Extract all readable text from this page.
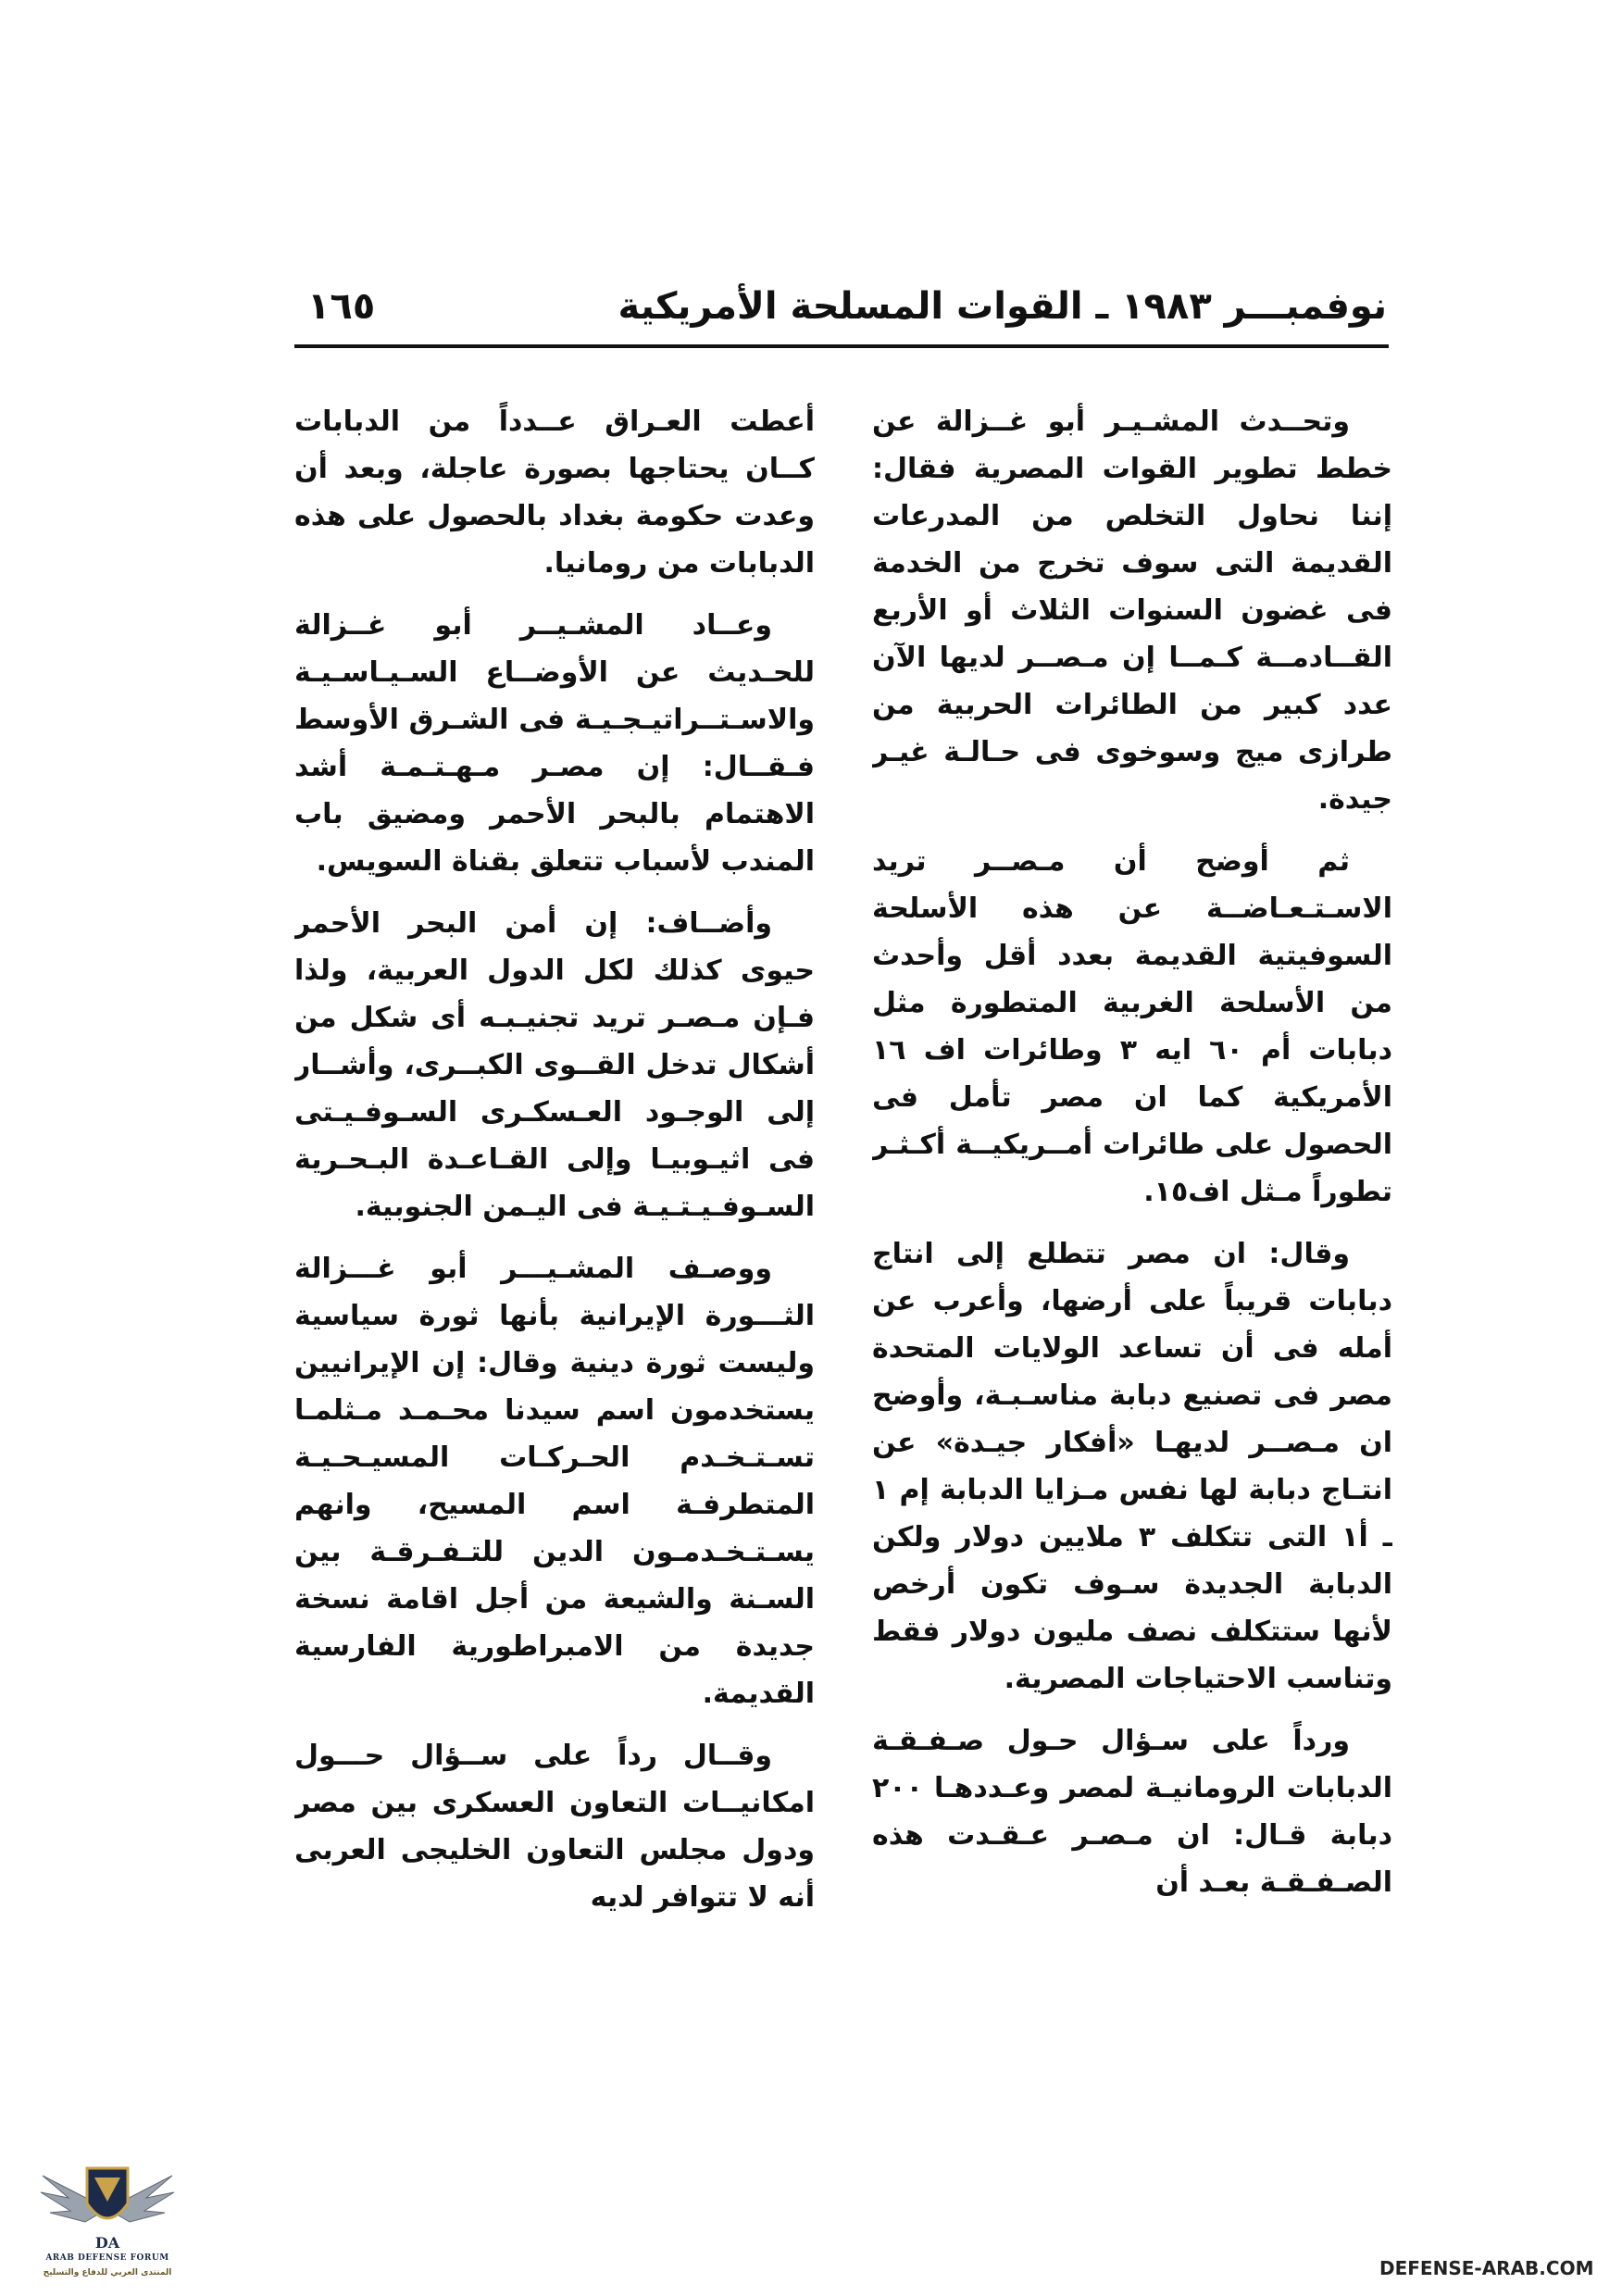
نوفمبـــر ١٩٨٣ ـ القوات المسلحة الأمريكية
١٦٥

وتحــدث المشـيـر أبو غــزالة عن خطط تطوير القوات المصرية فقال: إننا نحاول التخلص من المدرعات القديمة التى سوف تخرج من الخدمة فى غضون السنوات الثلاث أو الأربع القــادمــة كـمــا إن مـصــر لديها الآن عدد كبير من الطائرات الحربية من طرازى ميج وسوخوى فى حـالـة غيـر جيدة.

ثم أوضح أن مـصــر تريد الاسـتـعـاضــة عن هذه الأسلحة السوفيتية القديمة بعدد أقل وأحدث من الأسلحة الغربية المتطورة مثل دبابات أم ٦٠ ايه ٣ وطائرات اف ١٦ الأمريكية كما ان مصر تأمل فى الحصول على طائرات أمــريكيــة أكـثـر تطوراً مـثل اف١٥.

وقال: ان مصر تتطلع إلى انتاج دبابات قريباً على أرضها، وأعرب عن أمله فى أن تساعد الولايات المتحدة مصر فى تصنيع دبابة مناسـبـة، وأوضح ان مـصــر لديهـا «أفكار جيـدة» عن انتـاج دبابة لها نفس مـزايا الدبابة إم ١ ـ أ١ التى تتكلف ٣ ملايين دولار ولكن الدبابة الجديدة سـوف تكون أرخص لأنها ستتكلف نصف مليون دولار فقط وتناسب الاحتياجات المصرية.

ورداً على سـؤال حـول صـفـقـة الدبابات الرومانيـة لمصر وعـددهـا ٢٠٠ دبابة قـال: ان مـصـر عـقـدت هذه الصـفـقـة بعـد أن

أعطت العـراق عــدداً من الدبابات كــان يحتاجها بصورة عاجلة، وبعد أن وعدت حكومة بغداد بالحصول على هذه الدبابات من رومانيا.

وعــاد المشـيــر أبو غــزالة للحـديث عن الأوضــاع السـيـاسـيـة والاسـتــراتيـجـيـة فى الشـرق الأوسط فـقــال: إن مصـر مـهـتـمـة أشد الاهتمام بالبحر الأحمر ومضيق باب المندب لأسباب تتعلق بقناة السويس.

وأضــاف: إن أمن البحر الأحمر حيوى كذلك لكل الدول العربية، ولذا فـإن مـصـر تريد تجنيـبـه أى شكل من أشكال تدخل القــوى الكبــرى، وأشــار إلى الوجـود العـسكـرى السـوفـيـتى فى اثيـوبيـا وإلى القـاعـدة البـحـرية السـوفـيـتـيـة فى اليـمن الجنوبية.

ووصـف المشـيـــر أبو غـــزالة الثـــورة الإيرانية بأنها ثورة سياسية وليست ثورة دينية وقال: إن الإيرانيين يستخدمون اسم سيدنا محـمـد مـثلمـا تسـتـخـدم الحـركـات المسيـحـيـة المتطرفـة اسم المسيح، وانهم يسـتـخـدمـون الدين للتـفـرقـة بين السـنة والشيعة من أجل اقامة نسخة جديدة من الامبراطورية الفارسية القديمة.

وقــال رداً على ســؤال حـــول امكانيــات التعاون العسكرى بين مصر ودول مجلس التعاون الخليجى العربى أنه لا تتوافر لديه

DA
ARAB DEFENSE FORUM
المنتدى العربي للدفاع والتسليح	DEFENSE-ARAB.COM
